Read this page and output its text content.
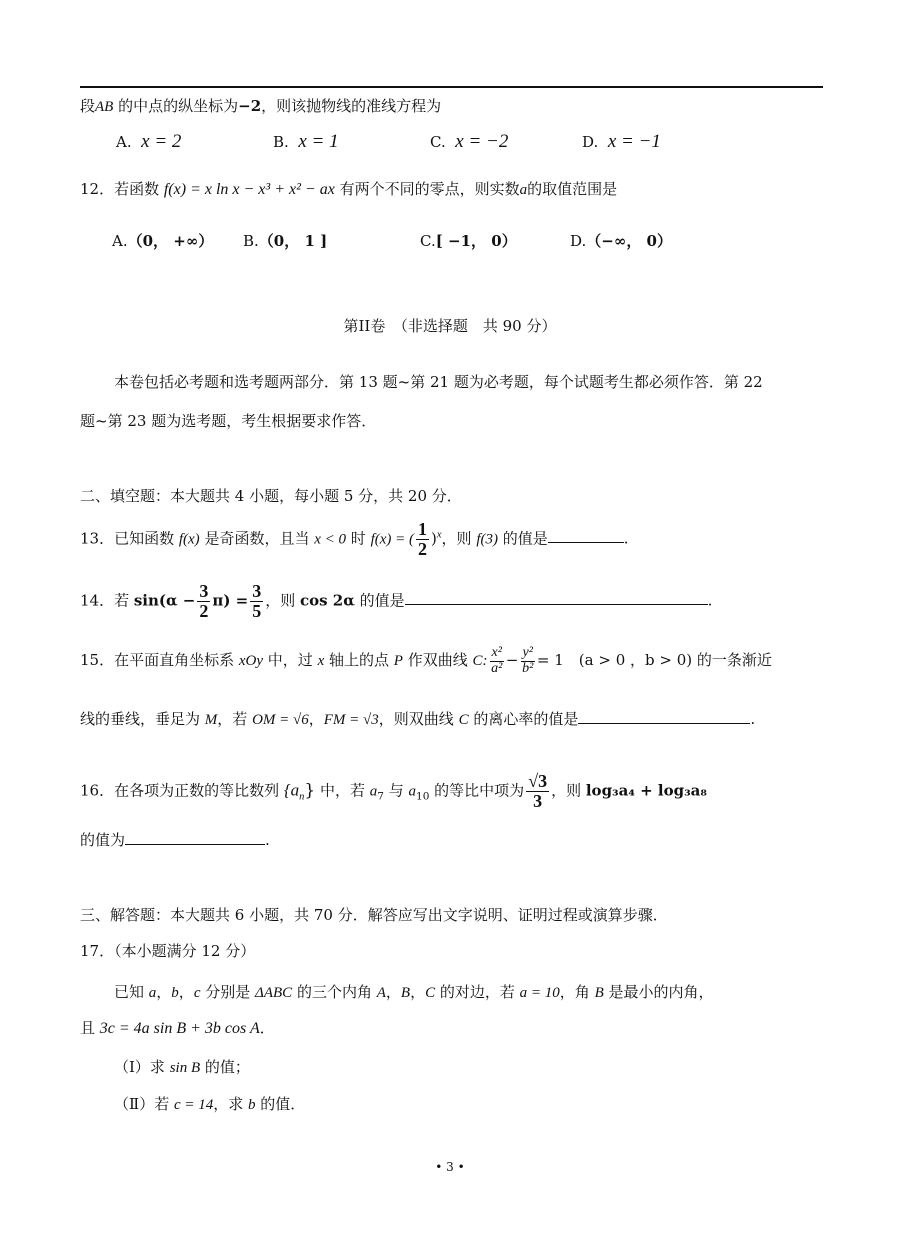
段AB 的中点的纵坐标为−2，则该抛物线的准线方程为
A. x = 2	B. x = 1	C. x = −2	D. x = −1
12．若函数 f(x) = x ln x − x³ + x² − ax 有两个不同的零点，则实数a的取值范围是
A.（0， +∞） B.（0， 1 ]	C.[ −1， 0）	D.（−∞， 0）
第II卷　（非选择题　共 90 分）
本卷包括必考题和选考题两部分．第 13 题~第 21 题为必考题，每个试题考生都必须作答．第 22
题~第 23 题为选考题，考生根据要求作答．
二、填空题：本大题共 4 小题，每小题 5 分，共 20 分．
13．已知函数 f(x) 是奇函数，且当 x < 0 时 f(x) = ( $\frac{1}{2} )^x$，则 f(3) 的值是	.
14．若 $\sin(\alpha - \frac{3}{2} \pi) = \frac{3}{5}$ ，则 cos 2α 的值是	.
15．在平面直角坐标系 xOy 中，过 x 轴上的点 P 作双曲线 C: $\frac{\text{x²}}{\text{a²}} - \frac{\text{y²}}{\text{b²}} = 1$　(a > 0 ，b > 0) 的一条渐近
线的垂线，垂足为 M，若 OM = √6，FM = √3，则双曲线 C 的离心率的值是	.
16．在各项为正数的等比数列 $\{a_n\}$ 中，若 $a_7$ 与 $a_{10}$ 的等比中项为 $\frac{√3}{3}$ ，则 log₃a₄ + log₃a₈
的值为	.
三、解答题：本大题共 6 小题，共 70 分．解答应写出文字说明、证明过程或演算步骤．
17．（本小题满分 12 分）
已知 a，b，c 分别是 ΔABC 的三个内角 A，B，C 的对边，若 a = 10，角 B 是最小的内角，
且 3c = 4a sin B + 3b cos A．
（Ⅰ）求 sin B 的值；
（Ⅱ）若 c = 14，求 b 的值．
• 3 •
